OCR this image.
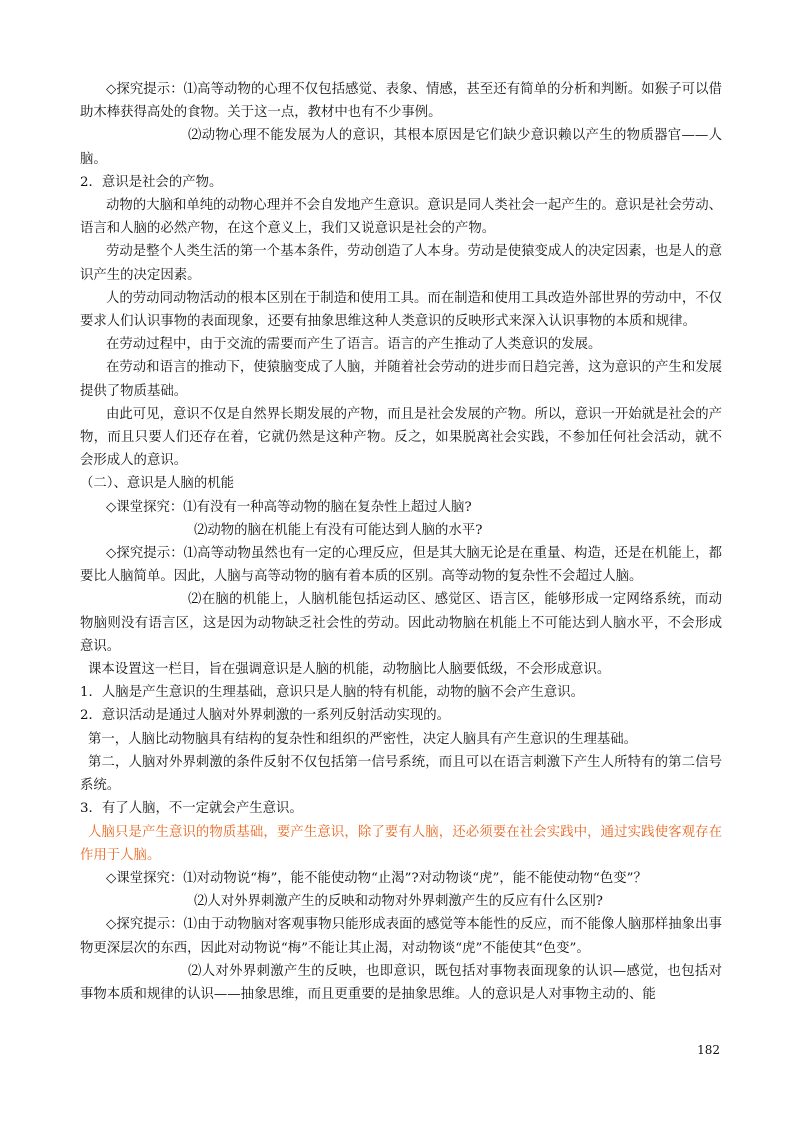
◇探究提示：⑴高等动物的心理不仅包括感觉、表象、情感，甚至还有简单的分析和判断。如猴子可以借助木棒获得高处的食物。关于这一点，教材中也有不少事例。

⑵动物心理不能发展为人的意识，其根本原因是它们缺少意识赖以产生的物质器官——人脑。

2．意识是社会的产物。

动物的大脑和单纯的动物心理并不会自发地产生意识。意识是同人类社会一起产生的。意识是社会劳动、语言和人脑的必然产物，在这个意义上，我们又说意识是社会的产物。

劳动是整个人类生活的第一个基本条件，劳动创造了人本身。劳动是使猿变成人的决定因素，也是人的意识产生的决定因素。

人的劳动同动物活动的根本区别在于制造和使用工具。而在制造和使用工具改造外部世界的劳动中，不仅要求人们认识事物的表面现象，还要有抽象思维这种人类意识的反映形式来深入认识事物的本质和规律。

在劳动过程中，由于交流的需要而产生了语言。语言的产生推动了人类意识的发展。

在劳动和语言的推动下，使猿脑变成了人脑，并随着社会劳动的进步而日趋完善，这为意识的产生和发展提供了物质基础。

由此可见，意识不仅是自然界长期发展的产物，而且是社会发展的产物。所以，意识一开始就是社会的产物，而且只要人们还存在着，它就仍然是这种产物。反之，如果脱离社会实践，不参加任何社会活动，就不会形成人的意识。

（二）、意识是人脑的机能

◇课堂探究：⑴有没有一种高等动物的脑在复杂性上超过人脑?

⑵动物的脑在机能上有没有可能达到人脑的水平?

◇探究提示：⑴高等动物虽然也有一定的心理反应，但是其大脑无论是在重量、构造，还是在机能上，都要比人脑简单。因此，人脑与高等动物的脑有着本质的区别。高等动物的复杂性不会超过人脑。

⑵在脑的机能上，人脑机能包括运动区、感觉区、语言区，能够形成一定网络系统，而动物脑则没有语言区，这是因为动物缺乏社会性的劳动。因此动物脑在机能上不可能达到人脑水平，不会形成意识。

课本设置这一栏目，旨在强调意识是人脑的机能，动物脑比人脑要低级，不会形成意识。

1．人脑是产生意识的生理基础，意识只是人脑的特有机能，动物的脑不会产生意识。

2．意识活动是通过人脑对外界刺激的一系列反射活动实现的。

第一，人脑比动物脑具有结构的复杂性和组织的严密性，决定人脑具有产生意识的生理基础。

第二，人脑对外界刺激的条件反射不仅包括第一信号系统，而且可以在语言刺激下产生人所特有的第二信号系统。

3．有了人脑，不一定就会产生意识。

人脑只是产生意识的物质基础，要产生意识，除了要有人脑，还必须要在社会实践中，通过实践使客观存在作用于人脑。

◇课堂探究：⑴对动物说“梅”，能不能使动物“止渴”?对动物谈“虎”，能不能使动物“色变”？

⑵人对外界刺激产生的反映和动物对外界刺激产生的反应有什么区别?

◇探究提示：⑴由于动物脑对客观事物只能形成表面的感觉等本能性的反应，而不能像人脑那样抽象出事物更深层次的东西，因此对动物说“梅”不能让其止渴，对动物谈“虎”不能使其“色变”。

⑵人对外界刺激产生的反映，也即意识，既包括对事物表面现象的认识—感觉，也包括对事物本质和规律的认识——抽象思维，而且更重要的是抽象思维。人的意识是人对事物主动的、能

182
